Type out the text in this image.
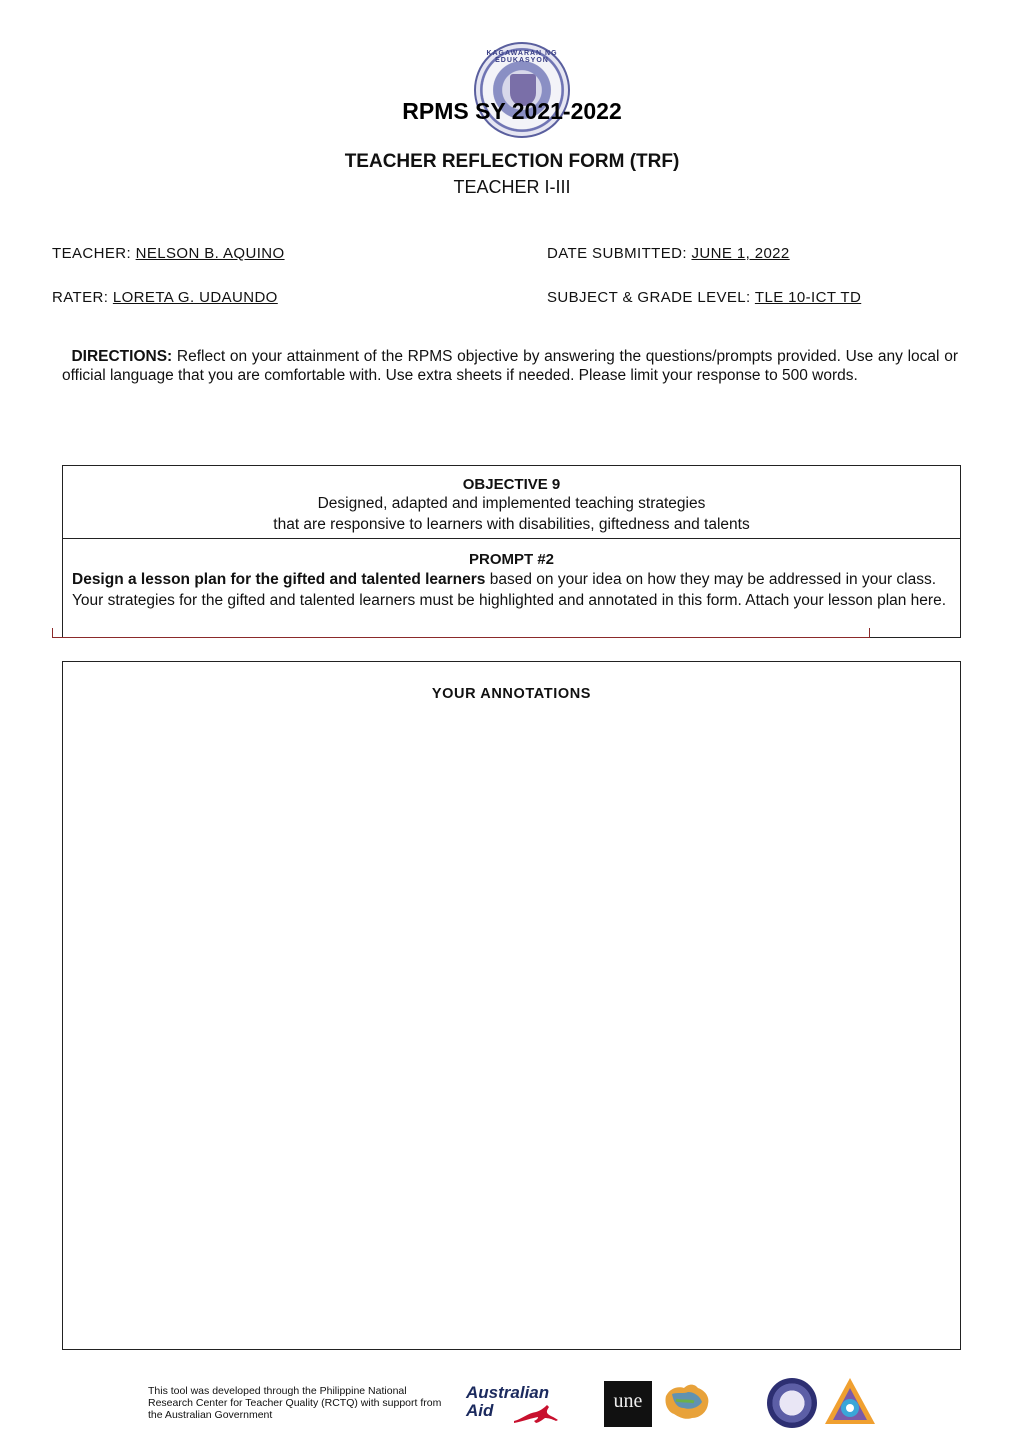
KAGAWARAN NG EDUKASYON
RPMS SY 2021-2022
TEACHER REFLECTION FORM (TRF)
TEACHER I-III
TEACHER: NELSON B. AQUINO	DATE SUBMITTED: JUNE 1, 2022
RATER: LORETA G. UDAUNDO	SUBJECT & GRADE LEVEL: TLE 10-ICT TD
DIRECTIONS: Reflect on your attainment of the RPMS objective by answering the questions/prompts provided. Use any local or official language that you are comfortable with. Use extra sheets if needed. Please limit your response to 500 words.
OBJECTIVE 9
Designed, adapted and implemented teaching strategies
that are responsive to learners with disabilities, giftedness and talents
PROMPT #2
Design a lesson plan for the gifted and talented learners based on your idea on how they may be addressed in your class. Your strategies for the gifted and talented learners must be highlighted and annotated in this form. Attach your lesson plan here.
YOUR ANNOTATIONS
This tool was developed through the Philippine National Research Center for Teacher Quality (RCTQ) with support from the Australian Government
Australian
Aid	une
